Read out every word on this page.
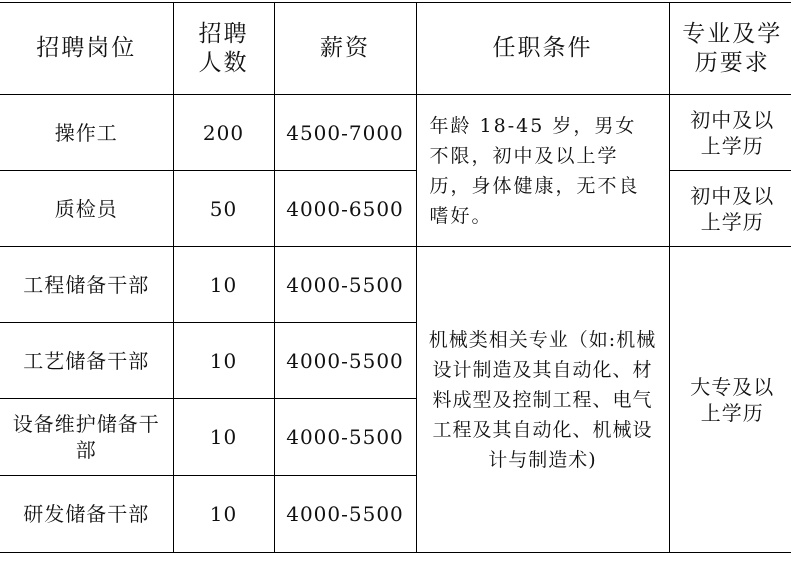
招聘岗位	招聘人数	薪资	任职条件	专业及学历要求
操作工	200	4500-7000	年龄 18-45 岁，男女不限，初中及以上学历，身体健康，无不良嗜好。	初中及以上学历
质检员	50	4000-6500		初中及以上学历
工程储备干部	10	4000-5500	机械类相关专业（如:机械设计制造及其自动化、材料成型及控制工程、电气工程及其自动化、机械设计与制造术)	大专及以上学历
工艺储备干部	10	4000-5500		
设备维护储备干部	10	4000-5500		
研发储备干部	10	4000-5500		
